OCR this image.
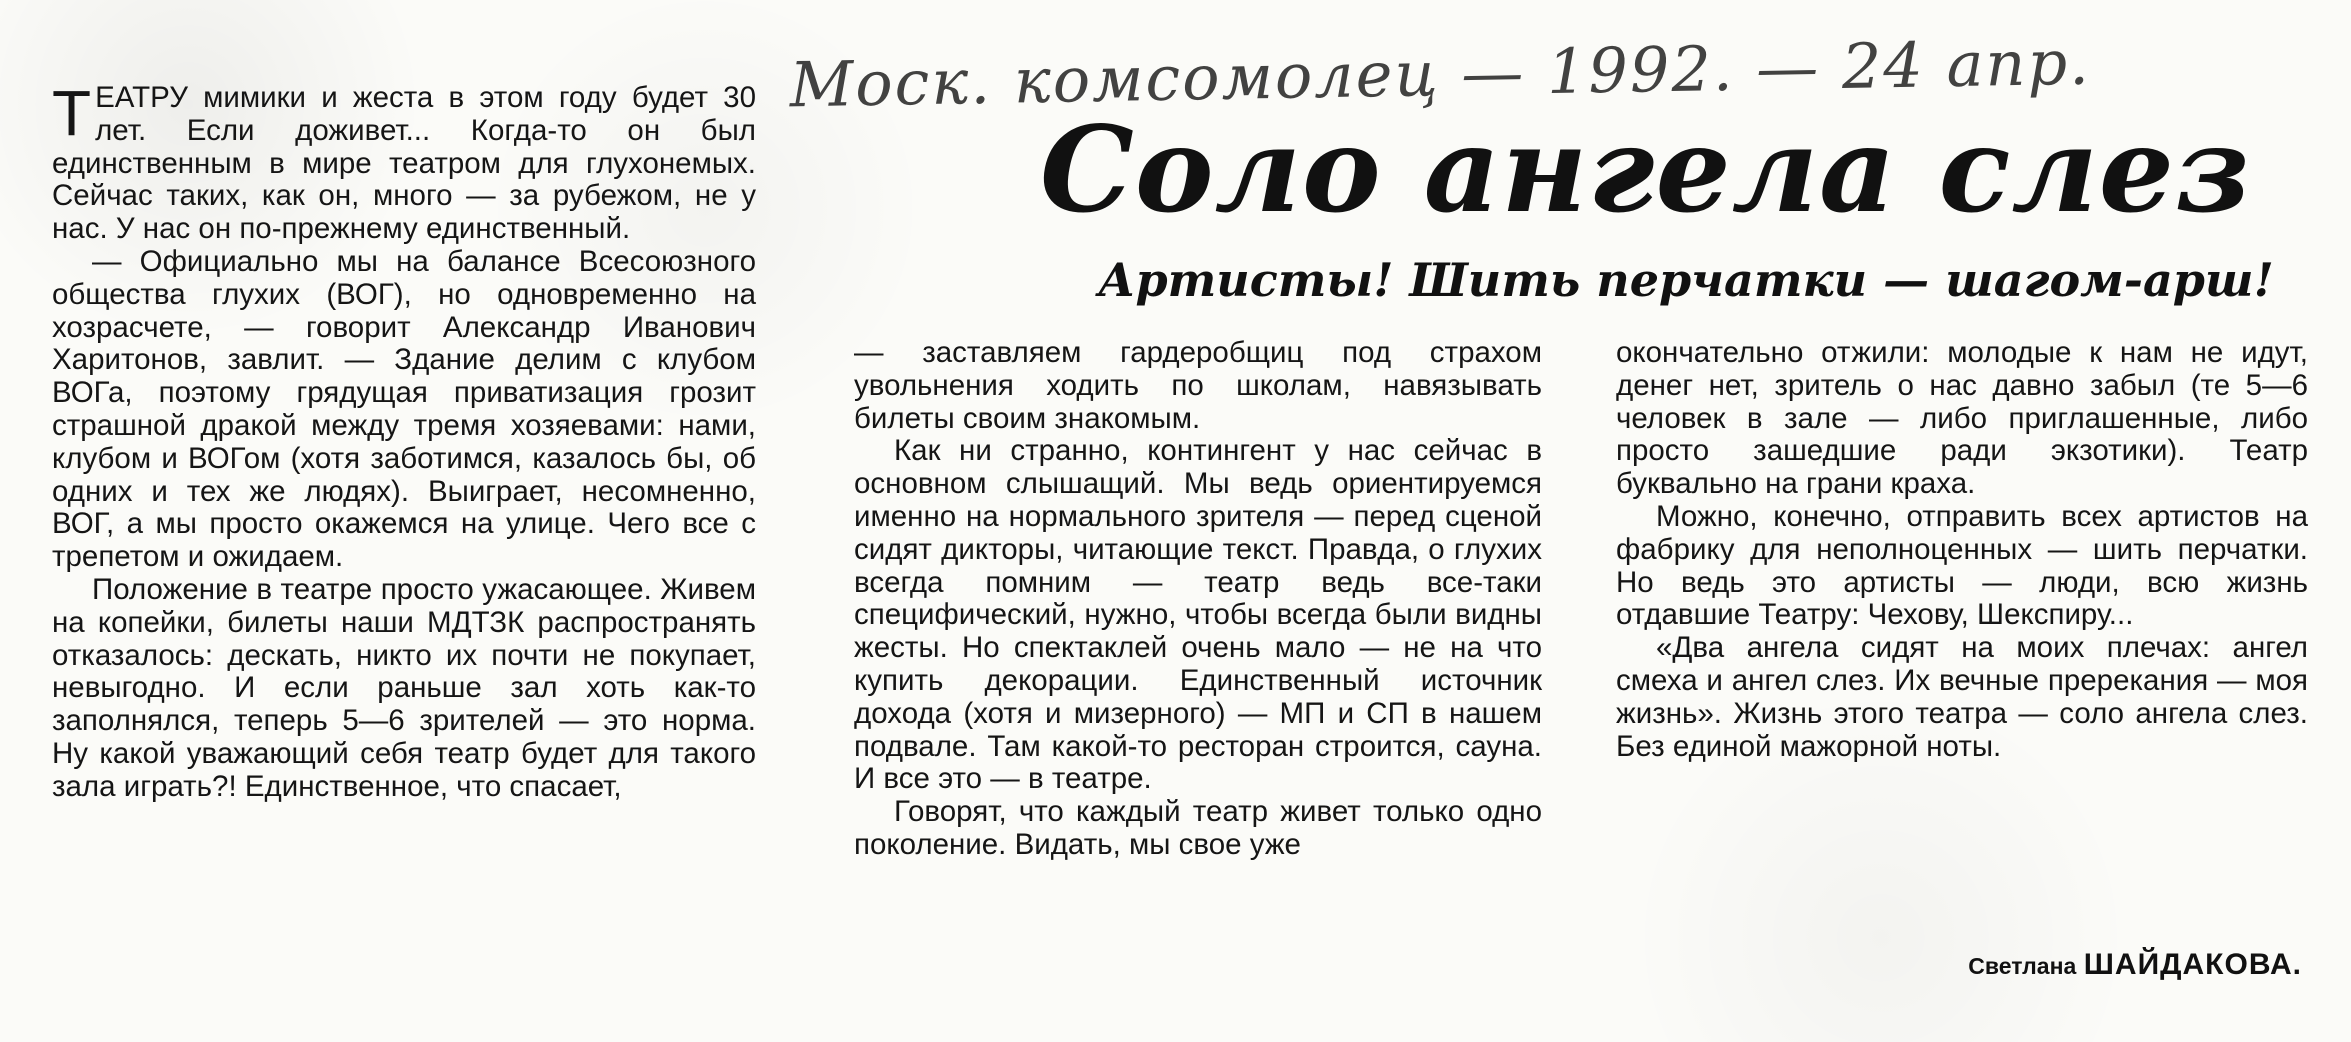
Моск. комсомолец — 1992. — 24 апр.
Соло ангела слез
Артисты! Шить перчатки — шагом-арш!

ТЕАТРУ мимики и жеста в этом году будет 30 лет. Если доживет... Когда-то он был единственным в мире театром для глухонемых. Сейчас таких, как он, много — за рубежом, не у нас. У нас он по-прежнему единственный.

— Официально мы на балансе Всесоюзного общества глухих (ВОГ), но одновременно на хозрасчете, — говорит Александр Иванович Харитонов, завлит. — Здание делим с клубом ВОГа, поэтому грядущая приватизация грозит страшной дракой между тремя хозяевами: нами, клубом и ВОГом (хотя заботимся, казалось бы, об одних и тех же людях). Выиграет, несомненно, ВОГ, а мы просто окажемся на улице. Чего все с трепетом и ожидаем.

Положение в театре просто ужасающее. Живем на копейки, билеты наши МДТЗК распространять отказалось: дескать, никто их почти не покупает, невыгодно. И если раньше зал хоть как-то заполнялся, теперь 5—6 зрителей — это норма. Ну какой уважающий себя театр будет для такого зала играть?! Единственное, что спасает,

— заставляем гардеробщиц под страхом увольнения ходить по школам, навязывать билеты своим знакомым.

Как ни странно, контингент у нас сейчас в основном слышащий. Мы ведь ориентируемся именно на нормального зрителя — перед сценой сидят дикторы, читающие текст. Правда, о глухих всегда помним — театр ведь все-таки специфический, нужно, чтобы всегда были видны жесты. Но спектаклей очень мало — не на что купить декорации. Единственный источник дохода (хотя и мизерного) — МП и СП в нашем подвале. Там какой-то ресторан строится, сауна. И все это — в театре.

Говорят, что каждый театр живет только одно поколение. Видать, мы свое уже

окончательно отжили: молодые к нам не идут, денег нет, зритель о нас давно забыл (те 5—6 человек в зале — либо приглашенные, либо просто зашедшие ради экзотики). Театр буквально на грани краха.

Можно, конечно, отправить всех артистов на фабрику для неполноценных — шить перчатки. Но ведь это артисты — люди, всю жизнь отдавшие Театру: Чехову, Шекспиру...

«Два ангела сидят на моих плечах: ангел смеха и ангел слез. Их вечные пререкания — моя жизнь». Жизнь этого театра — соло ангела слез. Без единой мажорной ноты.

Светлана ШАЙДАКОВА.
